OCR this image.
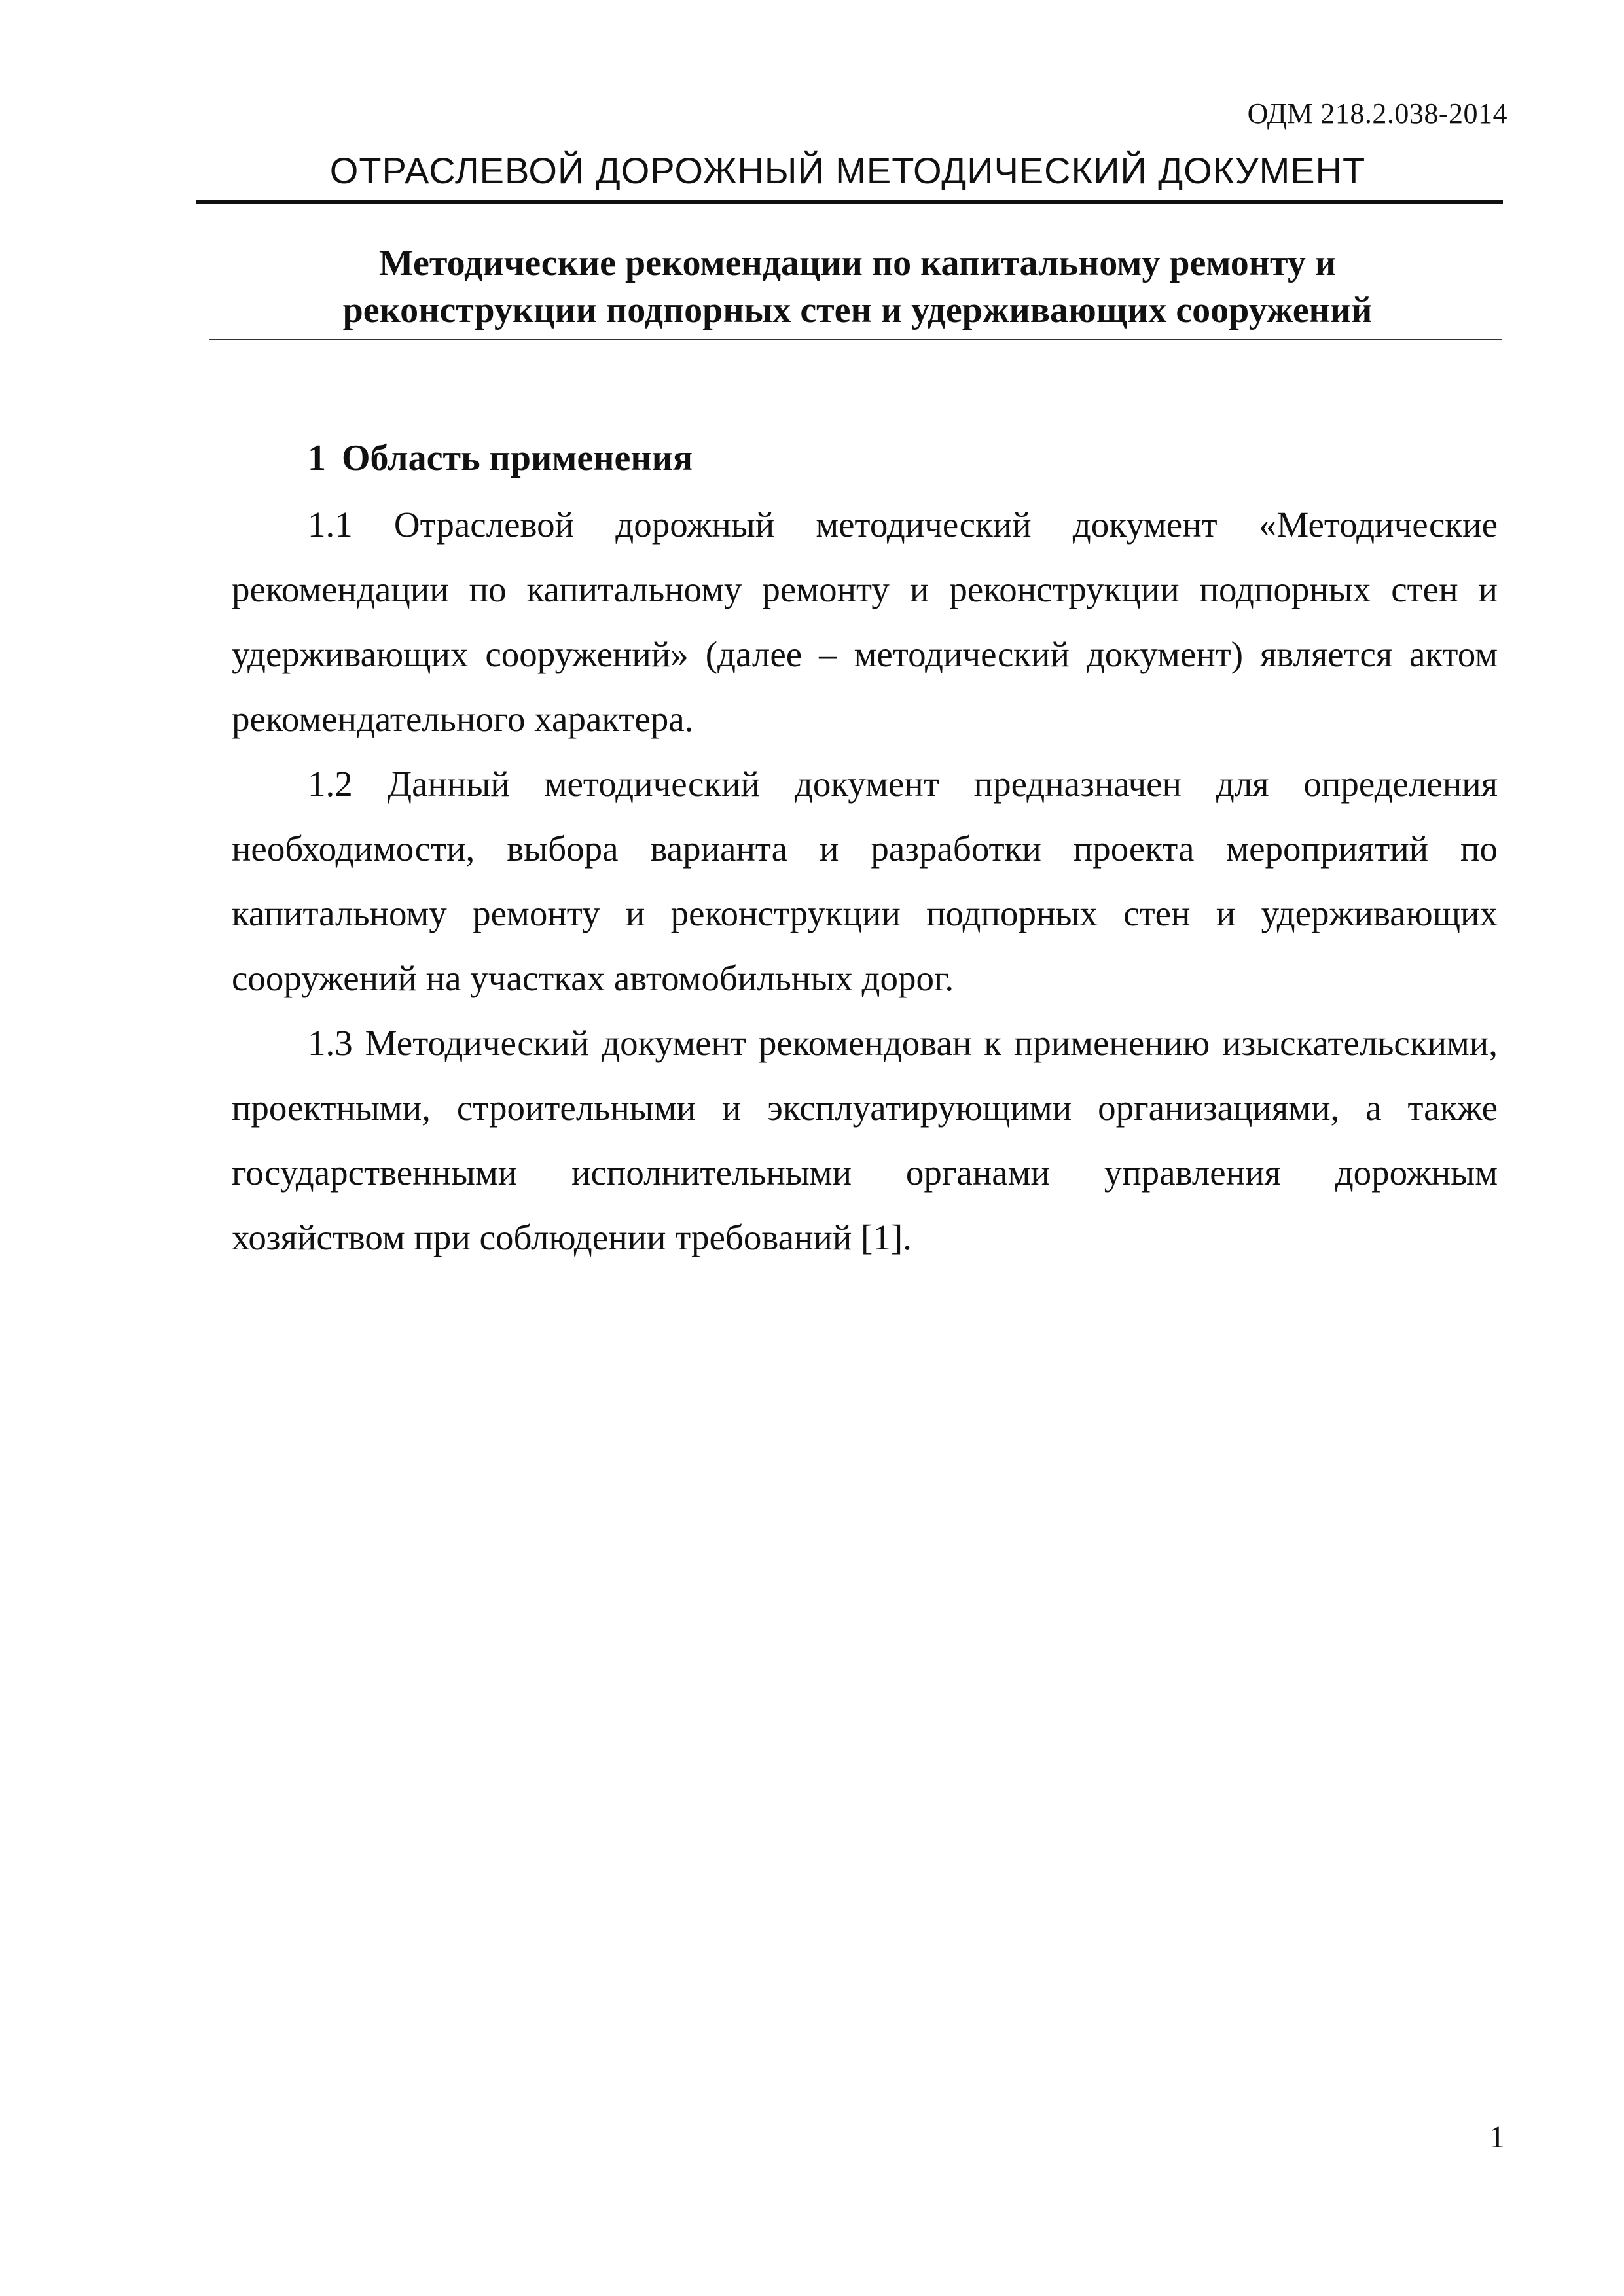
ОДМ 218.2.038-2014
ОТРАСЛЕВОЙ ДОРОЖНЫЙ МЕТОДИЧЕСКИЙ ДОКУМЕНТ
Методические рекомендации по капитальному ремонту и
реконструкции подпорных стен и удерживающих сооружений
1 Область применения

1.1 Отраслевой дорожный методический документ «Методические рекомендации по капитальному ремонту и реконструкции подпорных стен и удерживающих сооружений» (далее – методический документ) является актом рекомендательного характера.

1.2 Данный методический документ предназначен для определения необходимости, выбора варианта и разработки проекта мероприятий по капитальному ремонту и реконструкции подпорных стен и удерживающих сооружений на участках автомобильных дорог.

1.3 Методический документ рекомендован к применению изыскательскими, проектными, строительными и эксплуатирующими организациями, а также государственными исполнительными органами управления дорожным хозяйством при соблюдении требований [1].

1
